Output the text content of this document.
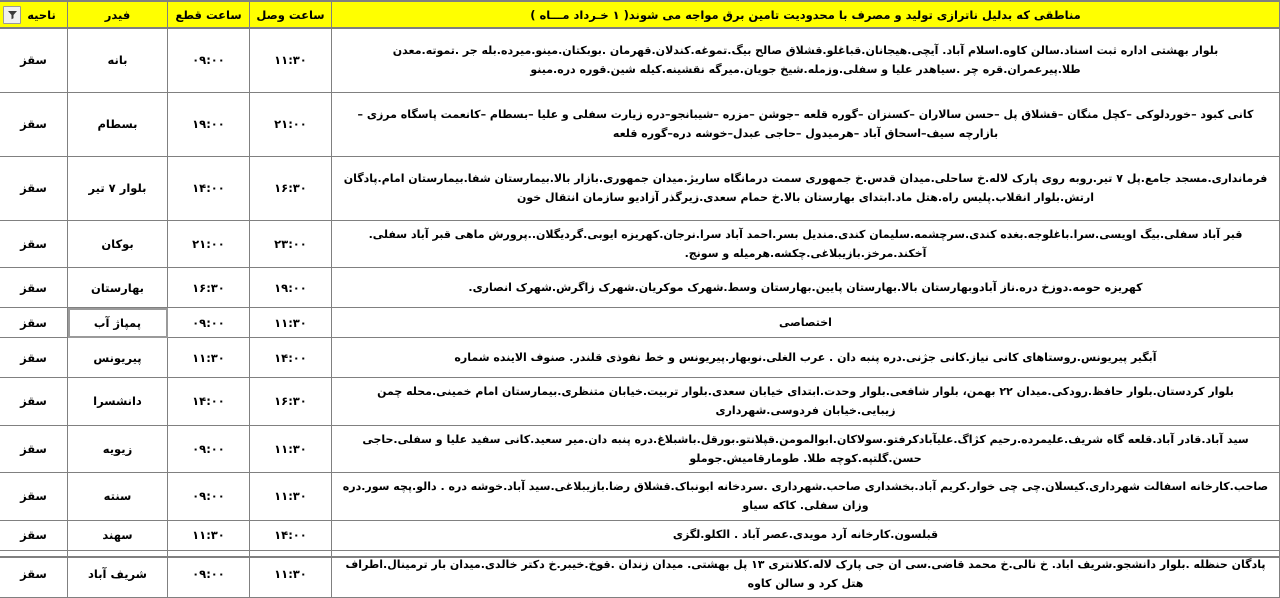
مناطقی که بدلیل ناترازی تولید و مصرف با محدودیت تامین برق مواجه می شوند( ۱ خـرداد مـــاه )	ساعت وصل	ساعت قطع	فیدر	ناحیه
بلوار بهشتی اداره ثبت اسناد.سالن کاوه.اسلام آباد. آیچی.هیجانان.قباغلو.قشلاق صالح بیگ.تموغه.کندلان.قهرمان .بوبکتان.مینو.میرده.بله جر .تموته.معدن طلا.پیرعمران.قره چر .سیاهدر علیا و سفلی.وزمله.شیخ جویان.میرگه نقشینه.کیله شین.قوره دره.مینو	۱۱:۳۰	۰۹:۰۰	بانه	سقز
کانی کبود –خوردلوکی –کچل منگان –قشلاق پل –حسن سالاران –کسنزان –گوره قلعه –جوشن –مزره –شیبانجو–دره زیارت سفلی و علیا –بسطام –کانعمت پاسگاه مرزی – بازارچه سیف–اسحاق آباد –هرمیدول –حاجی عبدل–خوشه دره–گوره قلعه	۲۱:۰۰	۱۹:۰۰	بسطام	سقز
فرمانداری.مسجد جامع.پل ۷ تیر.روبه روی پارک لاله.خ ساحلی.میدان قدس.خ جمهوری سمت درمانگاه ساریژ.میدان جمهوری.بازار بالا.بیمارستان شفا.بیمارستان امام.پادگان ارتش.بلوار انقلاب.پلیس راه.هتل ماد.ابتدای بهارستان بالا.خ حمام سعدی.زیرگذر آزادیو سازمان انتقال خون	۱۶:۳۰	۱۴:۰۰	بلوار ۷ تیر	سقز
قبر آباد سفلی.بیگ اویسی.سرا.باغلوجه.بغده کندی.سرچشمه.سلیمان کندی.مندیل بسر.احمد آباد سرا.نرجان.کهریزه ایوبی.گردیگلان..پرورش ماهی قبر آباد سفلی. آخکند.مرخز.بازیبلاغی.چکشه.هرمیله و سونج.	۲۳:۰۰	۲۱:۰۰	بوکان	سقز
کهریزه حومه.دوزخ دره.ناز آبادوبهارستان بالا.بهارستان پایین.بهارستان وسط.شهرک موکریان.شهرک زاگرش.شهرک انصاری.	۱۹:۰۰	۱۶:۳۰	بهارستان	سقز
اختصاصی	۱۱:۳۰	۰۹:۰۰	پمپاژ آب	سقز
آبگیر پیریونس.روستاهای کانی نیاز.کانی جژنی.دره پنبه دان . عرب الغلی.نوبهار.پیریونس و خط نفوذی قلندر. صنوف الاینده شماره	۱۴:۰۰	۱۱:۳۰	پیریونس	سقز
بلوار کردستان.بلوار حافظ.رودکی.میدان ۲۲ بهمن، بلوار شافعی.بلوار وحدت.ابتدای خیابان سعدی.بلوار تربیت.خیابان متنظری.بیمارستان امام خمینی.محله چمن زیبایی.خیابان فردوسی.شهرداری	۱۶:۳۰	۱۴:۰۰	دانشسرا	سقز
سید آباد.قادر آباد.قلعه گاه شریف.علیمرده.رحیم کژاگ.علیآبادکرفتو.سولاکان.ابوالمومن.قپلانتو.بورقل.باشبلاغ.دره پنبه دان.میر سعید.کانی سفید علیا و سفلی.حاجی حسن.گلتپه.کوچه طلا. طومارقامیش.جوملو	۱۱:۳۰	۰۹:۰۰	زیویه	سقز
صاحب.کارخانه اسفالت شهرداری.کیسلان.چی چی خوار.کریم آباد.بخشداری صاحب.شهرداری .سردخانه ابونباک.قشلاق رضا.بازیبلاغی.سید آباد.خوشه دره . دالو.پچه سور.دره وزان سفلی. کاکه سیاو	۱۱:۳۰	۰۹:۰۰	سنته	سقز
قبلسون.کارخانه آرد مویدی.عصر آباد . الکلو.لگزی	۱۴:۰۰	۱۱:۳۰	سهند	سقز
پادگان حنظله .بلوار دانشجو.شریف اباد. خ نالی.خ محمد قاضی.سی ان جی پارک لاله.کلانتری ۱۳ پل بهشتی. میدان زندان .قوخ.خیبر.خ دکتر خالدی.میدان بار ترمینال.اطراف هتل کرد و سالن کاوه	۱۱:۳۰	۰۹:۰۰	شریف آباد	سقز
